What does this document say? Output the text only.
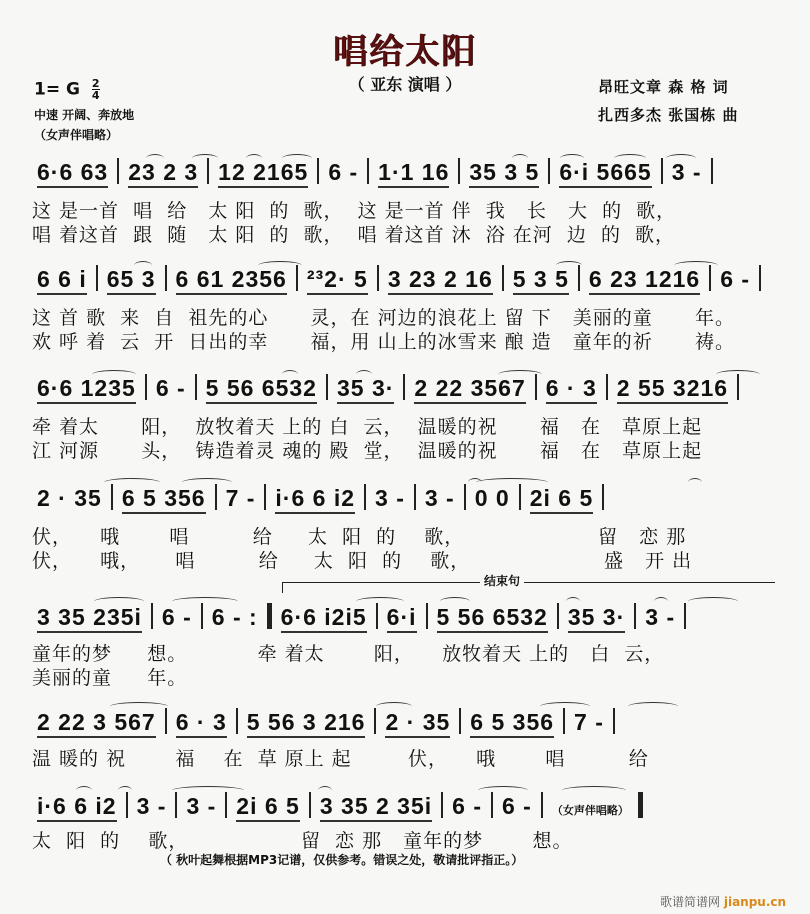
唱给太阳
（ 亚东 演唱 ）
1= G $\frac{2}{4}$
中速 开阔、奔放地
（女声伴唱略）
昂旺文章 森 格 词
扎西多杰 张国栋 曲
6·6 63 23 2 3 12 2165 6 - 1·1 16 35 3 5 6·i 5665 3 -
这 是一首  唱  给   太 阳  的  歌，  这 是一首 伴  我   长   大  的  歌，
唱 着这首  跟  随   太 阳  的  歌，  唱 着这首 沐  浴 在河  边  的  歌，
6 6 i 65 3 6 61 2356 ²³2· 5 3 23 2 16 5 3 5 6 23 1216 6 -
这 首 歌  来  自  祖先的心      灵，在 河边的浪花上 留 下   美丽的童      年。
欢 呼 着  云  开  日出的幸      福，用 山上的冰雪来 酿 造   童年的祈      祷。
6·6 1235 6 - 5 56 6532 35 3· 2 22 3567 6 · 3 2 55 3216
牵 着太      阳，  放牧着天 上的 白  云，  温暖的祝      福   在   草原上起
江 河源      头，  铸造着灵 魂的 殿  堂，  温暖的祝      福   在   草原上起
2 · 35 6 5 356 7 - i·6 6 i2 3 - 3 - 0 0 2i 6 5
伏，    哦       唱         给     太  阳  的    歌，                   留   恋 那
伏，    哦，     唱         给     太  阳  的    歌，                   盛   开 出
结束句
3 35 235i 6 - 6 - : 6·6 i2i5 6·i 5 56 6532 35 3· 3 -
童年的梦     想。          牵 着太       阳，    放牧着天 上的   白  云，
美丽的童     年。
2 22 3 567 6 · 3 5 56 3 216 2 · 35 6 5 356 7 -
温 暖的 祝       福    在  草 原上 起        伏，    哦       唱         给
i·6 6 i2 3 - 3 - 2i 6 5 3 35 2 35i 6 - 6 - （女声伴唱略）
太  阳  的    歌，                留  恋 那   童年的梦       想。
（ 秋叶起舞根据MP3记谱，仅供参考。错误之处，敬请批评指正。）
歌谱简谱网 jianpu.cn
